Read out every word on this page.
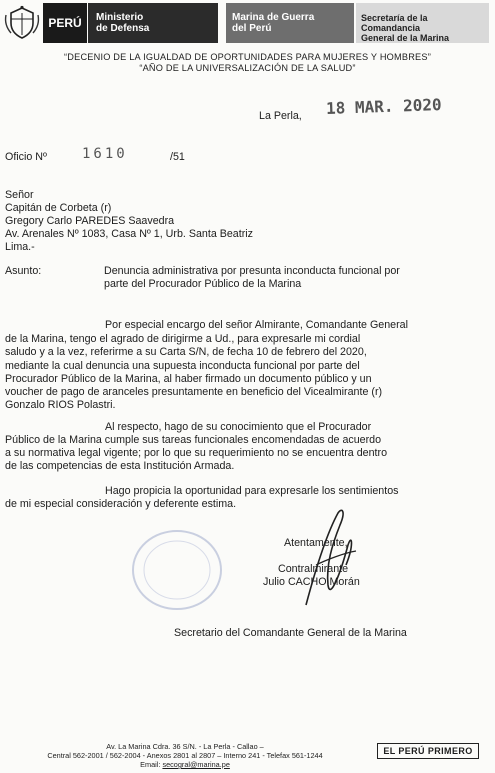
PERÚ	Ministerio
de Defensa
Marina de Guerra
del Perú
Secretaría de la Comandancia
General de la Marina
“DECENIO DE LA IGUALDAD DE OPORTUNIDADES PARA MUJERES Y HOMBRES”
“AÑO DE LA UNIVERSALIZACIÓN DE LA SALUD”
La Perla, 18 MAR. 2020
Oficio Nº	1610	/51
Señor
Capitán de Corbeta (r)
Gregory Carlo PAREDES Saavedra
Av. Arenales Nº 1083, Casa Nº 1, Urb. Santa Beatriz
Lima.-
Asunto:	Denuncia administrativa por presunta inconducta funcional por
parte del Procurador Público de la Marina
Por especial encargo del señor Almirante, Comandante General
de la Marina, tengo el agrado de dirigirme a Ud., para expresarle mi cordial
saludo y a la vez, referirme a su Carta S/N, de fecha 10 de febrero del 2020,
mediante la cual denuncia una supuesta inconducta funcional por parte del
Procurador Público de la Marina, al haber firmado un documento público y un
voucher de pago de aranceles presuntamente en beneficio del Vicealmirante (r)
Gonzalo RIOS Polastri.
Al respecto, hago de su conocimiento que el Procurador
Público de la Marina cumple sus tareas funcionales encomendadas de acuerdo
a su normativa legal vigente; por lo que su requerimiento no se encuentra dentro
de las competencias de esta Institución Armada.
Hago propicia la oportunidad para expresarle los sentimientos
de mi especial consideración y deferente estima.
Atentamente,
Contralmirante
Julio CACHO Morán
Secretario del Comandante General de la Marina
Av. La Marina Cdra. 36 S/N. - La Perla - Callao –
Central 562-2001 / 562-2004 - Anexos 2801 al 2807 – Interno 241 - Telefax 561-1244
Email: secogral@marina.pe
EL PERÚ PRIMERO
